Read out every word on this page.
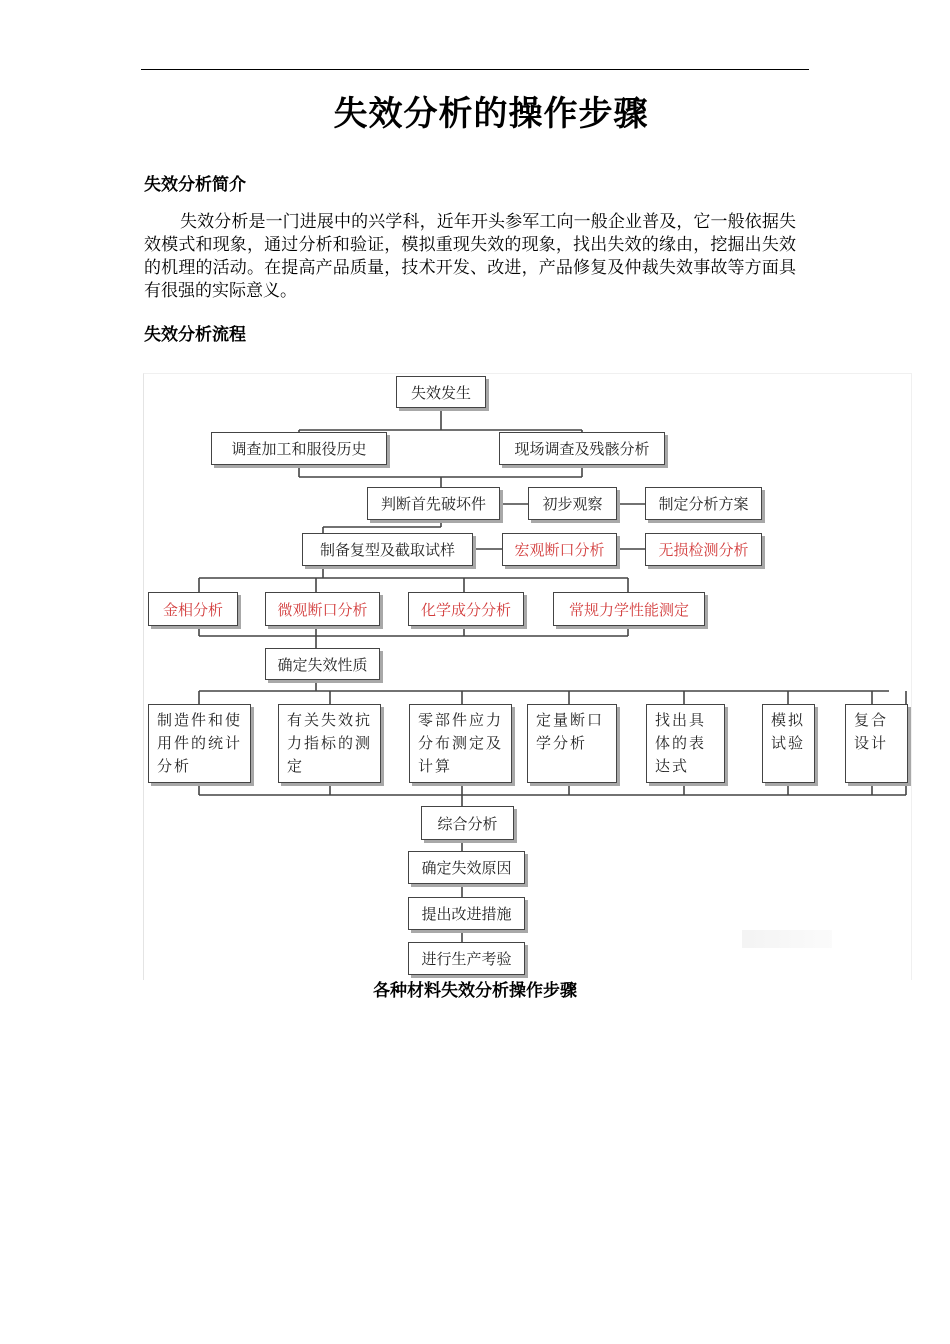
失效分析的操作步骤
失效分析简介
失效分析是一门进展中的兴学科，近年开头参军工向一般企业普及，它一般依据失效模式和现象，通过分析和验证，模拟重现失效的现象，找出失效的缘由，挖掘出失效的机理的活动。在提高产品质量，技术开发、改进，产品修复及仲裁失效事故等方面具有很强的实际意义。
失效分析流程
失效发生
调查加工和服役历史	现场调查及残骸分析
判断首先破坏件	初步观察	制定分析方案
制备复型及截取试样	宏观断口分析	无损检测分析
金相分析	微观断口分析	化学成分分析	常规力学性能测定
确定失效性质
制造件和使用件的统计分析
有关失效抗力指标的测定
零部件应力分布测定及计算
定量断口学分析
找出具体的表达式
模拟试验
复合设计
综合分析
确定失效原因
提出改进措施
进行生产考验
各种材料失效分析操作步骤
